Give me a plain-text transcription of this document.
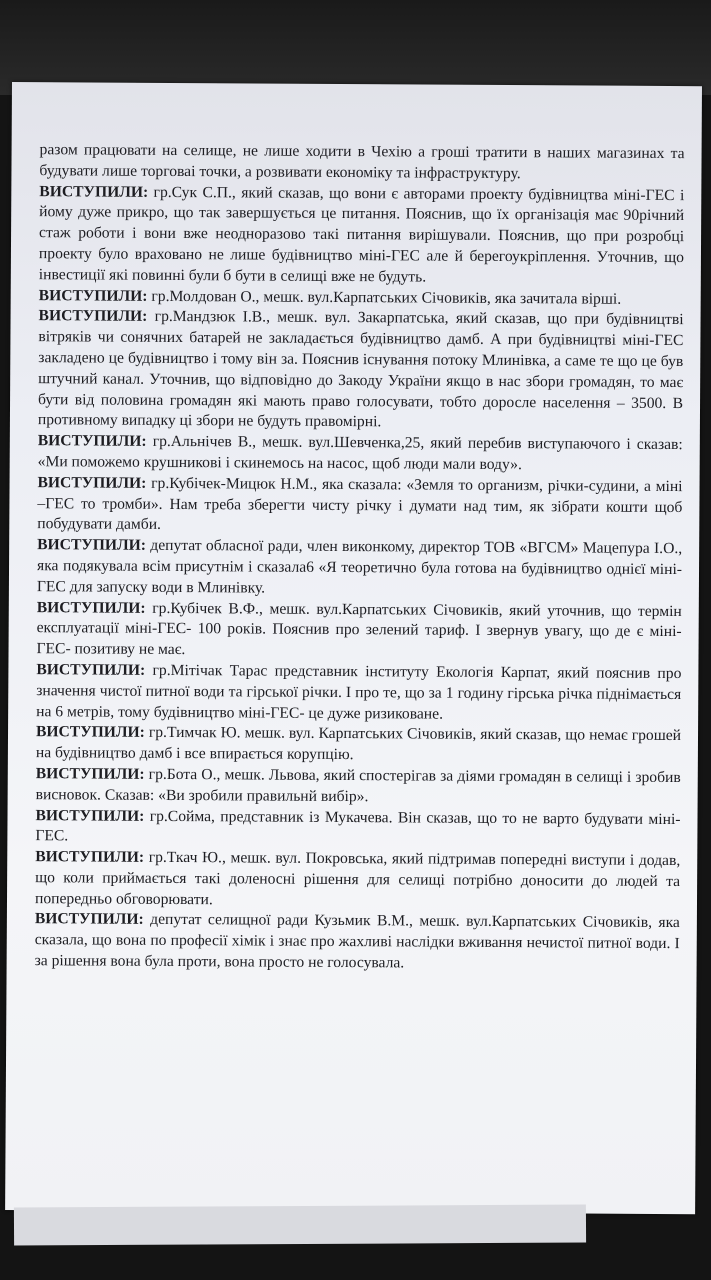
разом працювати на селище, не лише ходити в Чехію а гроші тратити в наших магазинах та будувати лише торговаі точки, а розвивати економіку та інфраструктуру.

ВИСТУПИЛИ: гр.Сук С.П., який сказав, що вони є авторами проекту будівництва міні-ГЕС і йому дуже прикро, що так завершується це питання. Пояснив, що їх організація має 90річний стаж роботи і вони вже неодноразово такі питання вирішували. Пояснив, що при розробці проекту було враховано не лише будівництво міні-ГЕС але й берегоукріплення. Уточнив, що інвестиції які повинні були б бути в селищі вже не будуть.

ВИСТУПИЛИ: гр.Молдован О., мешк. вул.Карпатських Січовиків, яка зачитала вірші.

ВИСТУПИЛИ: гр.Мандзюк І.В., мешк. вул. Закарпатська, який сказав, що при будівництві вітряків чи сонячних батарей не закладається будівництво дамб. А при будівництві міні-ГЕС закладено це будівництво і тому він за. Пояснив існування потоку Млинівка, а саме те що це був штучний канал. Уточнив, що відповідно до Закоду України якщо в нас збори громадян, то має бути від половина громадян які мають право голосувати, тобто доросле населення – 3500. В противному випадку ці збори не будуть правомірні.

ВИСТУПИЛИ: гр.Альнічев В., мешк. вул.Шевченка,25, який перебив виступаючого і сказав: «Ми поможемо крушникові і скинемось на насос, щоб люди мали воду».

ВИСТУПИЛИ: гр.Кубічек-Мицюк Н.М., яка сказала: «Земля то организм, річки-судини, а міні –ГЕС то тромби». Нам треба зберегти чисту річку і думати над тим, як зібрати кошти щоб побудувати дамби.

ВИСТУПИЛИ: депутат обласної ради, член виконкому, директор ТОВ «ВГСМ» Мацепура І.О., яка подякувала всім присутнім і сказала6 «Я теоретично була готова на будівництво однієї міні-ГЕС для запуску води в Млинівку.

ВИСТУПИЛИ: гр.Кубічек В.Ф., мешк. вул.Карпатських Січовиків, який уточнив, що термін експлуатації міні-ГЕС- 100 років. Пояснив про зелений тариф. І звернув увагу, що де є міні-ГЕС- позитиву не має.

ВИСТУПИЛИ: гр.Мітічак Тарас представник інституту Екологія Карпат, який пояснив про значення чистої питної води та гірської річки. І про те, що за 1 годину гірська річка піднімається на 6 метрів, тому будівництво міні-ГЕС- це дуже ризиковане.

ВИСТУПИЛИ: гр.Тимчак Ю. мешк. вул. Карпатських Січовиків, який сказав, що немає грошей на будівництво дамб і все впирається корупцію.

ВИСТУПИЛИ: гр.Бота О., мешк. Львова, який спостерігав за діями громадян в селищі і зробив висновок. Сказав: «Ви зробили правильнй вибір».

ВИСТУПИЛИ: гр.Сойма, представник із Мукачева. Він сказав, що то не варто будувати міні-ГЕС.

ВИСТУПИЛИ: гр.Ткач Ю., мешк. вул. Покровська, який підтримав попередні виступи і додав, що коли приймається такі доленосні рішення для селищі потрібно доносити до людей та попередньо обговорювати.

ВИСТУПИЛИ: депутат селищної ради Кузьмик В.М., мешк. вул.Карпатських Січовиків, яка сказала, що вона по професії хімік і знає про жахливі наслідки вживання нечистої питної води. І за рішення вона була проти, вона просто не голосувала.
